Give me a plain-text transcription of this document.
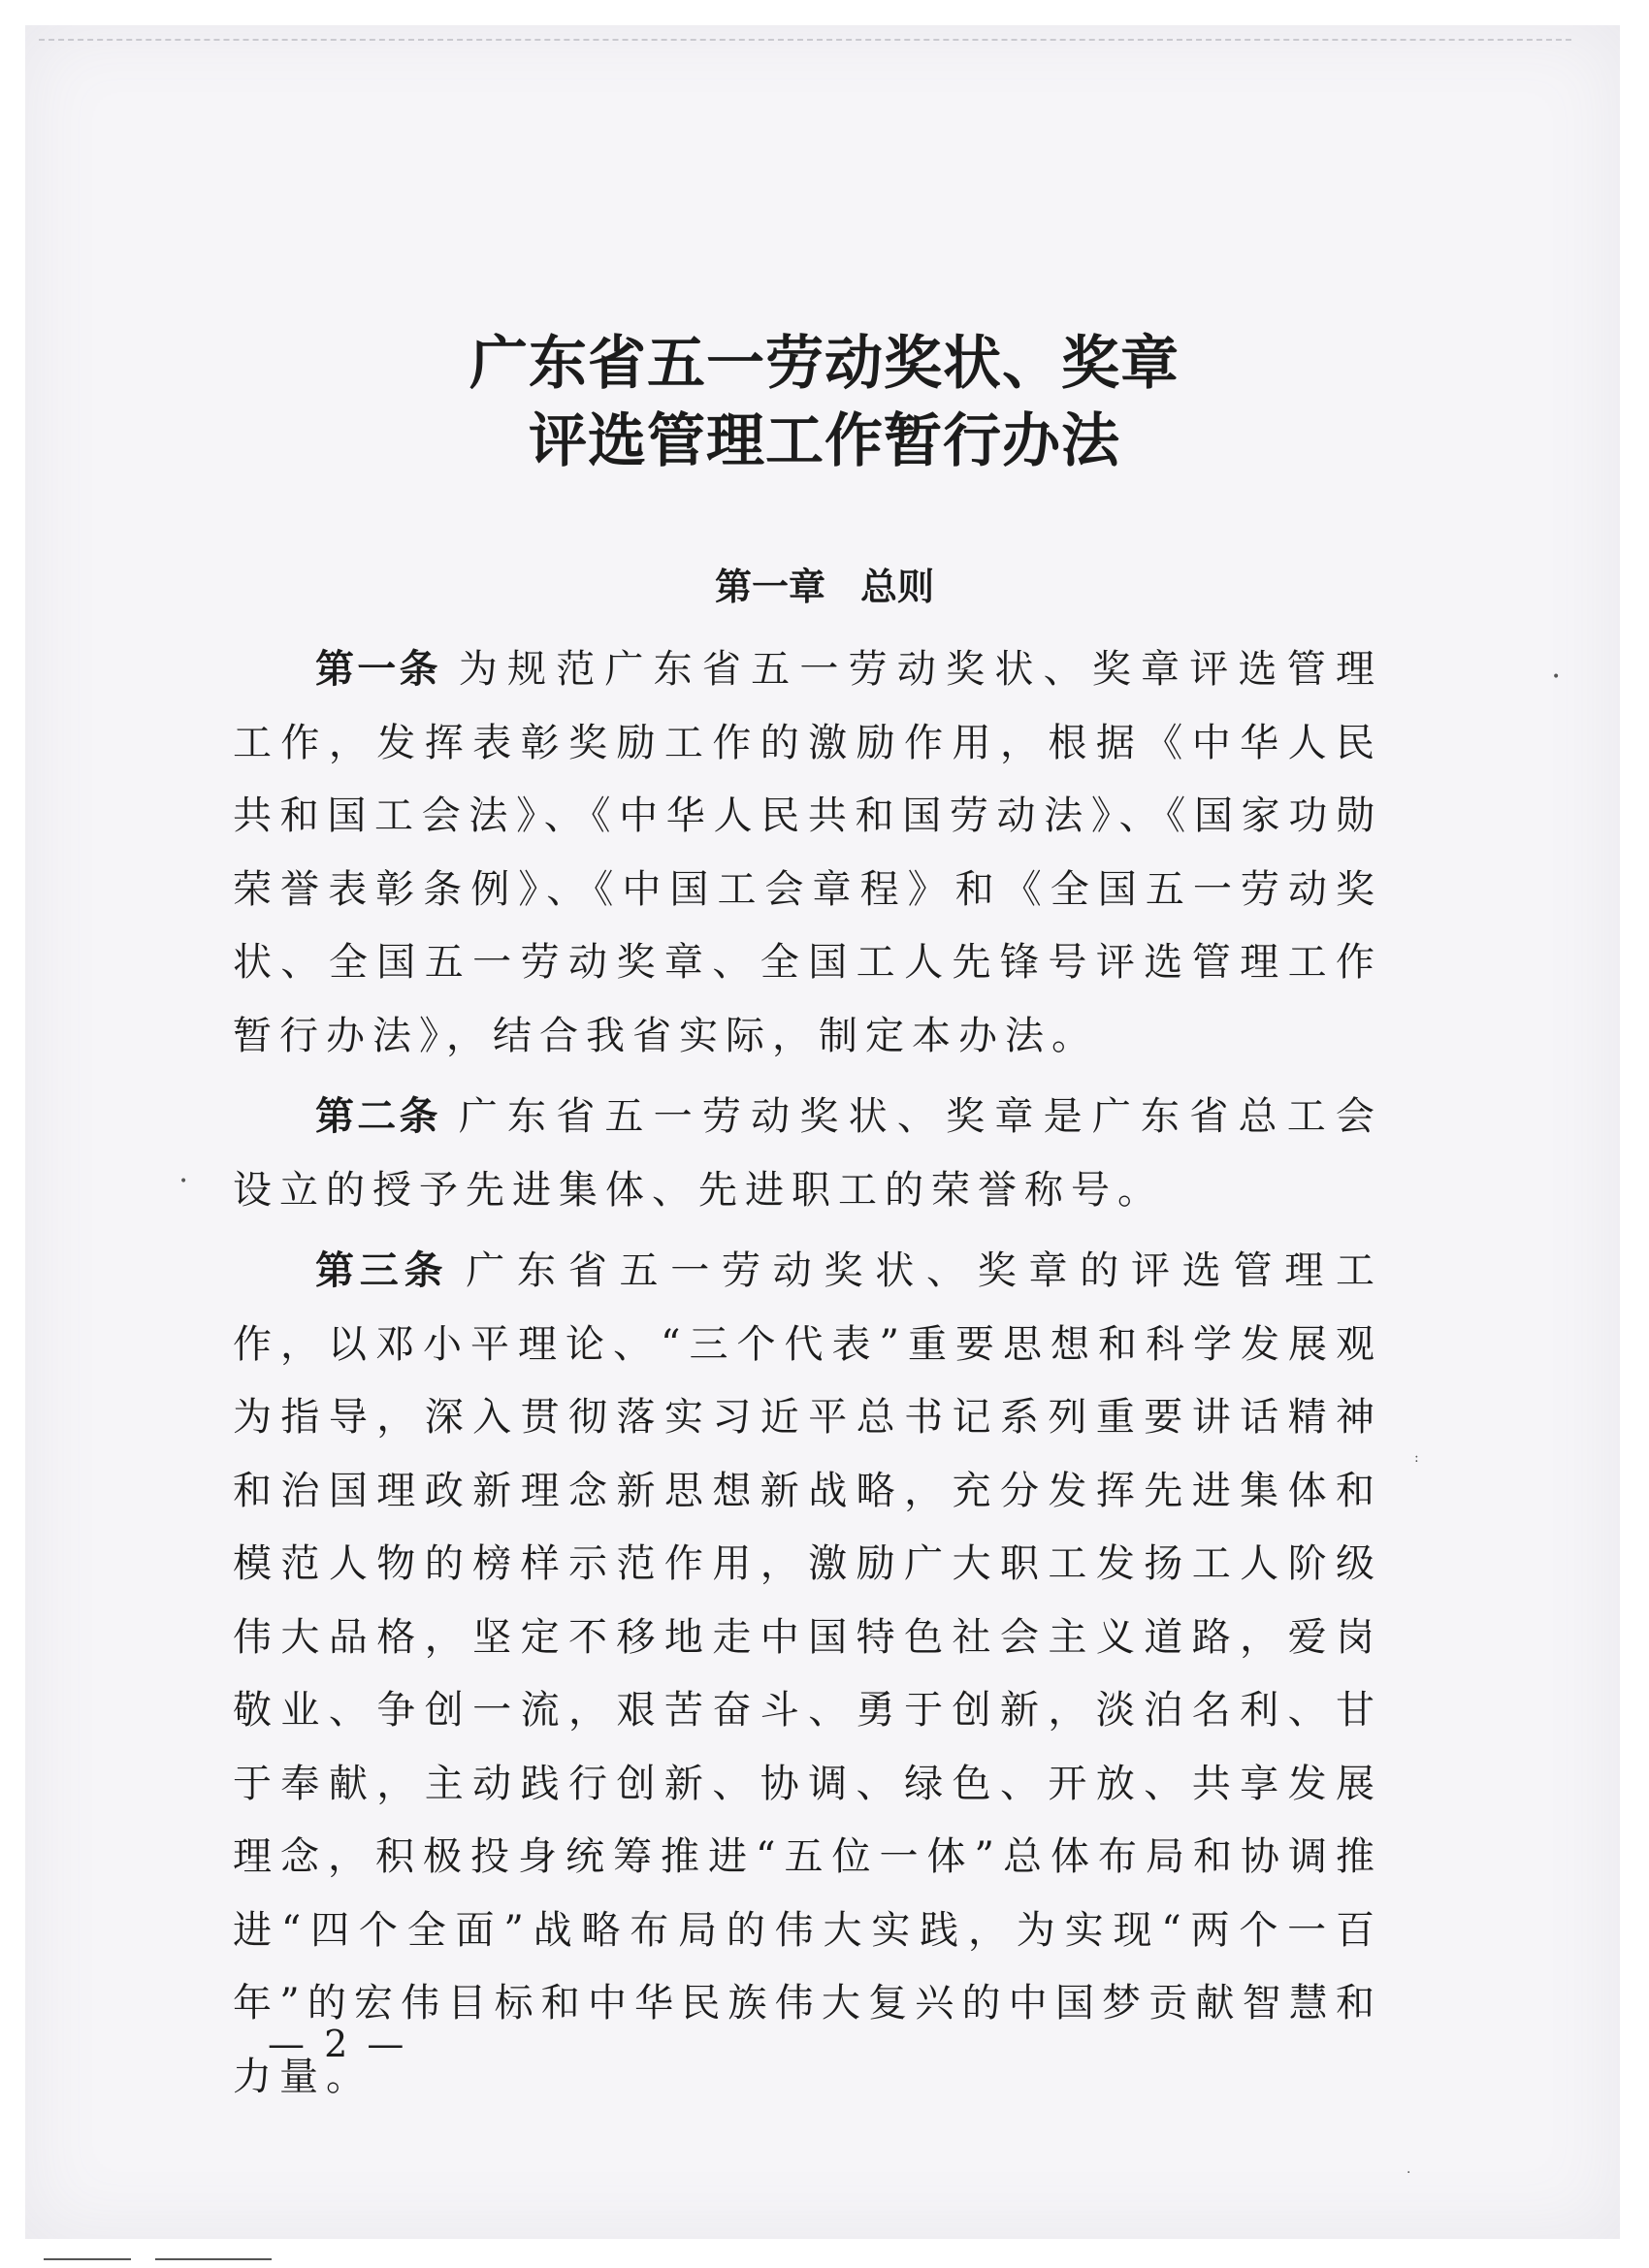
广东省五一劳动奖状、奖章
评选管理工作暂行办法
第一章 总则

第一条 为规范广东省五一劳动奖状、奖章评选管理工作，发挥表彰奖励工作的激励作用，根据《中华人民共和国工会法》、《中华人民共和国劳动法》、《国家功勋荣誉表彰条例》、《中国工会章程》和《全国五一劳动奖状、全国五一劳动奖章、全国工人先锋号评选管理工作暂行办法》，结合我省实际，制定本办法。

第二条 广东省五一劳动奖状、奖章是广东省总工会设立的授予先进集体、先进职工的荣誉称号。

第三条 广东省五一劳动奖状、奖章的评选管理工作，以邓小平理论、“三个代表”重要思想和科学发展观为指导，深入贯彻落实习近平总书记系列重要讲话精神和治国理政新理念新思想新战略，充分发挥先进集体和模范人物的榜样示范作用，激励广大职工发扬工人阶级伟大品格，坚定不移地走中国特色社会主义道路，爱岗敬业、争创一流，艰苦奋斗、勇于创新，淡泊名利、甘于奉献，主动践行创新、协调、绿色、开放、共享发展理念，积极投身统筹推进“五位一体”总体布局和协调推进“四个全面”战略布局的伟大实践，为实现“两个一百年”的宏伟目标和中华民族伟大复兴的中国梦贡献智慧和力量。

— 2 —
•
•
:
·
